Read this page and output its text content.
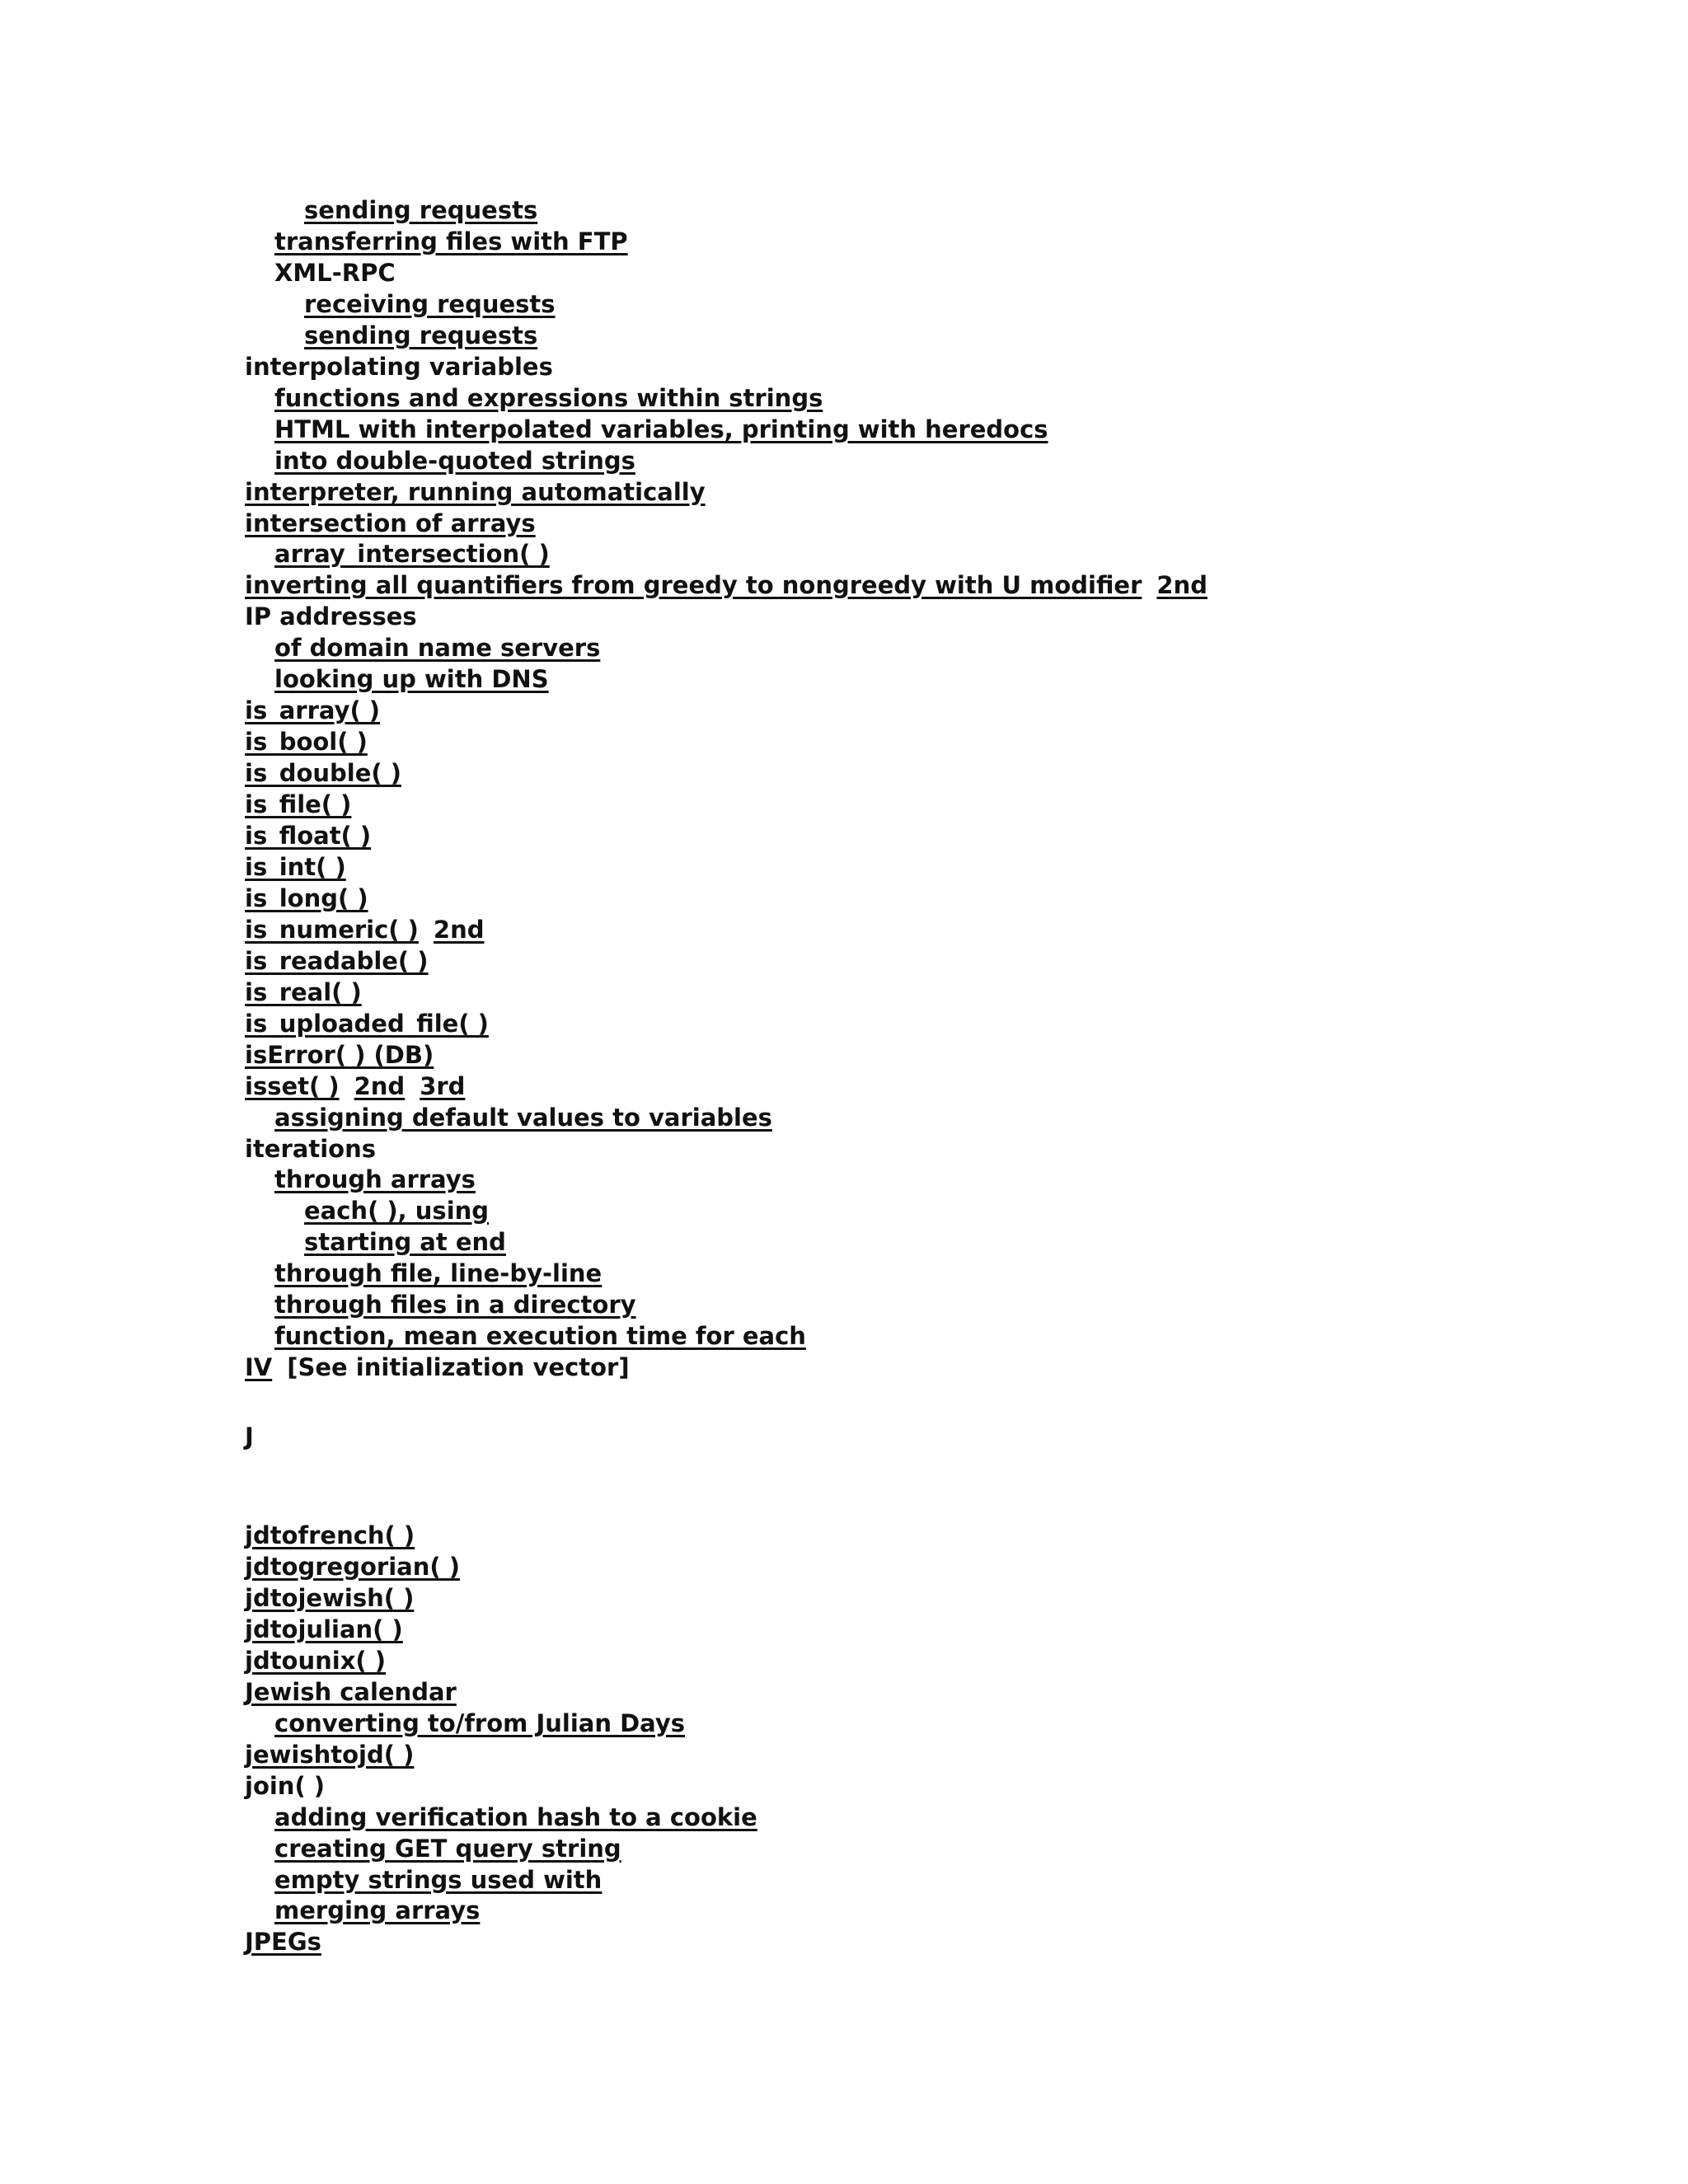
sending requests
transferring files with FTP
XML-RPC
receiving requests
sending requests
interpolating variables
functions and expressions within strings
HTML with interpolated variables, printing with heredocs
into double-quoted strings
interpreter, running automatically
intersection of arrays
array_intersection( )
inverting all quantifiers from greedy to nongreedy with U modifier 2nd
IP addresses
of domain name servers
looking up with DNS
is_array( )
is_bool( )
is_double( )
is_file( )
is_float( )
is_int( )
is_long( )
is_numeric( ) 2nd
is_readable( )
is_real( )
is_uploaded_file( )
isError( ) (DB)
isset( ) 2nd 3rd
assigning default values to variables
iterations
through arrays
each( ), using
starting at end
through file, line-by-line
through files in a directory
function, mean execution time for each
IV [See initialization vector]
J
jdtofrench( )
jdtogregorian( )
jdtojewish( )
jdtojulian( )
jdtounix( )
Jewish calendar
converting to/from Julian Days
jewishtojd( )
join( )
adding verification hash to a cookie
creating GET query string
empty strings used with
merging arrays
JPEGs
